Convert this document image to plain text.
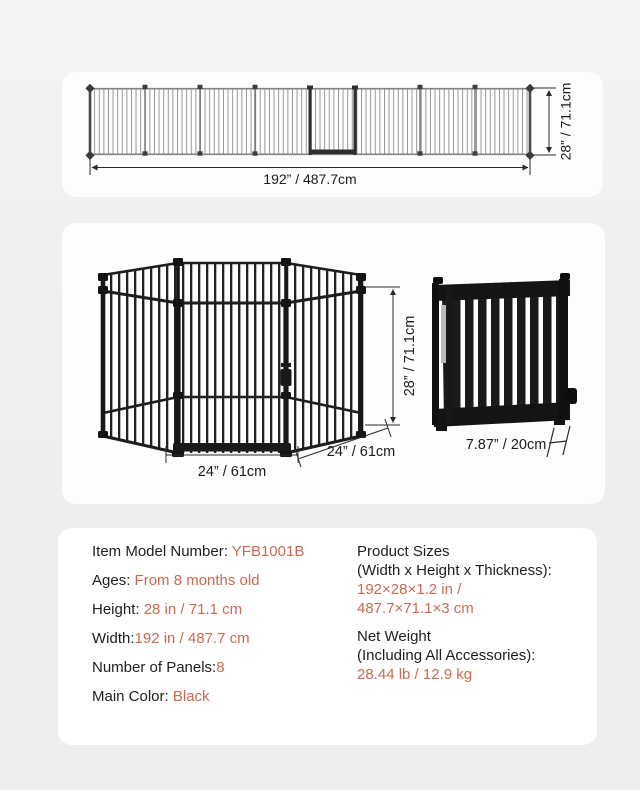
192” / 487.7cm
28” / 71.1cm
28” / 71.1cm
24” / 61cm
24” / 61cm	7.87” / 20cm
Item Model Number: YFB1001B
Ages: From 8 months old
Height: 28 in / 71.1 cm
Width:192 in / 487.7 cm
Number of Panels:8
Main Color: Black
Product Sizes
(Width x Height x Thickness):
192×28×1.2 in /
487.7×71.1×3 cm
Net Weight
(Including All Accessories):
28.44 lb / 12.9 kg
